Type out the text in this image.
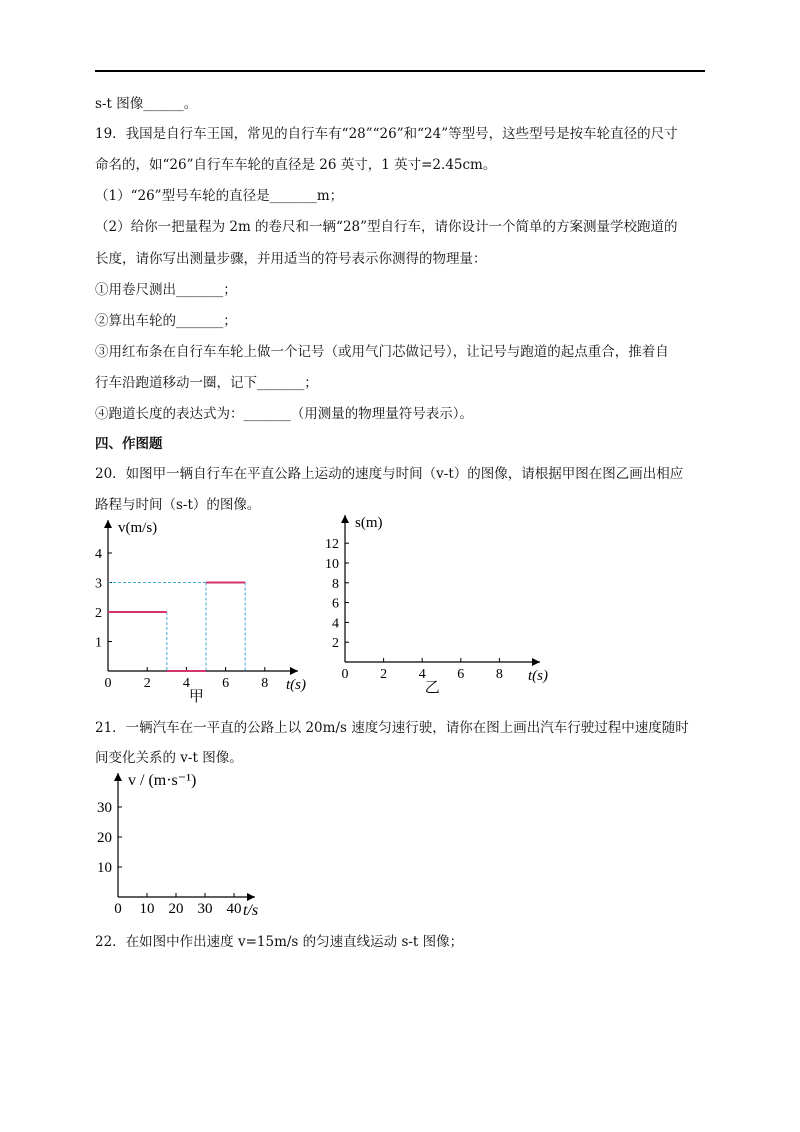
s-t 图像______。
19．我国是自行车王国，常见的自行车有“28”“26”和“24”等型号，这些型号是按车轮直径的尺寸
命名的，如“26”自行车车轮的直径是 26 英寸，1 英寸=2.45cm。
（1）“26”型号车轮的直径是_______m；
（2）给你一把量程为 2m 的卷尺和一辆“28”型自行车，请你设计一个简单的方案测量学校跑道的
长度，请你写出测量步骤，并用适当的符号表示你测得的物理量：
①用卷尺测出_______；
②算出车轮的_______；
③用红布条在自行车车轮上做一个记号（或用气门芯做记号），让记号与跑道的起点重合，推着自
行车沿跑道移动一圈，记下_______；
④跑道长度的表达式为：_______（用测量的物理量符号表示）。
四、作图题
20．如图甲一辆自行车在平直公路上运动的速度与时间（v-t）的图像，请根据甲图在图乙画出相应
路程与时间（s-t）的图像。
0 2 4 6 8
1
2
3
4
t(s)
v(m/s)
甲
0 2 4 6 8
2
4
6
8
10
12
t(s)
s(m)
乙
0 10 20 30 40
10
20
30
t/s
v / (m·s⁻¹)
21．一辆汽车在一平直的公路上以 20m/s 速度匀速行驶，请你在图上画出汽车行驶过程中速度随时
间变化关系的 v-t 图像。
22．在如图中作出速度 v=15m/s 的匀速直线运动 s-t 图像；
